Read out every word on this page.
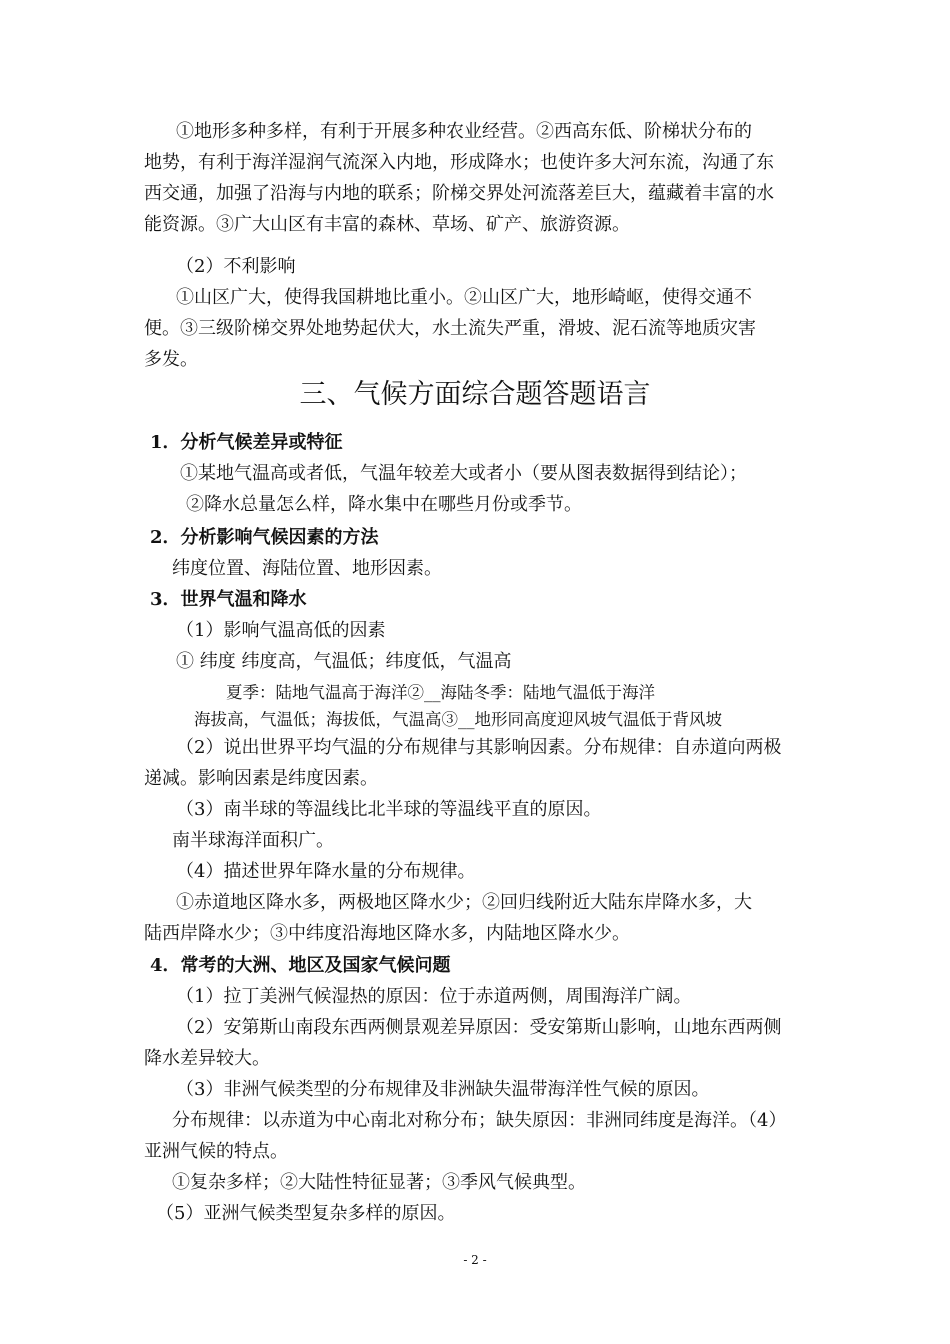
①地形多种多样，有利于开展多种农业经营。②西高东低、阶梯状分布的
地势，有利于海洋湿润气流深入内地，形成降水；也使许多大河东流，沟通了东
西交通，加强了沿海与内地的联系；阶梯交界处河流落差巨大，蕴藏着丰富的水
能资源。③广大山区有丰富的森林、草场、矿产、旅游资源。
（2）不利影响
①山区广大，使得我国耕地比重小。②山区广大，地形崎岖，使得交通不
便。③三级阶梯交界处地势起伏大，水土流失严重，滑坡、泥石流等地质灾害
多发。
三、气候方面综合题答题语言
1．分析气候差异或特征
①某地气温高或者低，气温年较差大或者小（要从图表数据得到结论）；
②降水总量怎么样，降水集中在哪些月份或季节。
2．分析影响气候因素的方法
纬度位置、海陆位置、地形因素。
3．世界气温和降水
（1）影响气温高低的因素
① 纬度 纬度高，气温低；纬度低，气温高
夏季：陆地气温高于海洋②__海陆冬季：陆地气温低于海洋
海拔高，气温低；海拔低，气温高③__地形同高度迎风坡气温低于背风坡
（2）说出世界平均气温的分布规律与其影响因素。分布规律：自赤道向两极
递减。影响因素是纬度因素。
（3）南半球的等温线比北半球的等温线平直的原因。
南半球海洋面积广。
（4）描述世界年降水量的分布规律。
①赤道地区降水多，两极地区降水少；②回归线附近大陆东岸降水多，大
陆西岸降水少；③中纬度沿海地区降水多，内陆地区降水少。
4．常考的大洲、地区及国家气候问题
（1）拉丁美洲气候湿热的原因：位于赤道两侧，周围海洋广阔。
（2）安第斯山南段东西两侧景观差异原因：受安第斯山影响，山地东西两侧
降水差异较大。
（3）非洲气候类型的分布规律及非洲缺失温带海洋性气候的原因。
分布规律：以赤道为中心南北对称分布；缺失原因：非洲同纬度是海洋。（4）
亚洲气候的特点。
①复杂多样；②大陆性特征显著；③季风气候典型。
（5）亚洲气候类型复杂多样的原因。
- 2 -
